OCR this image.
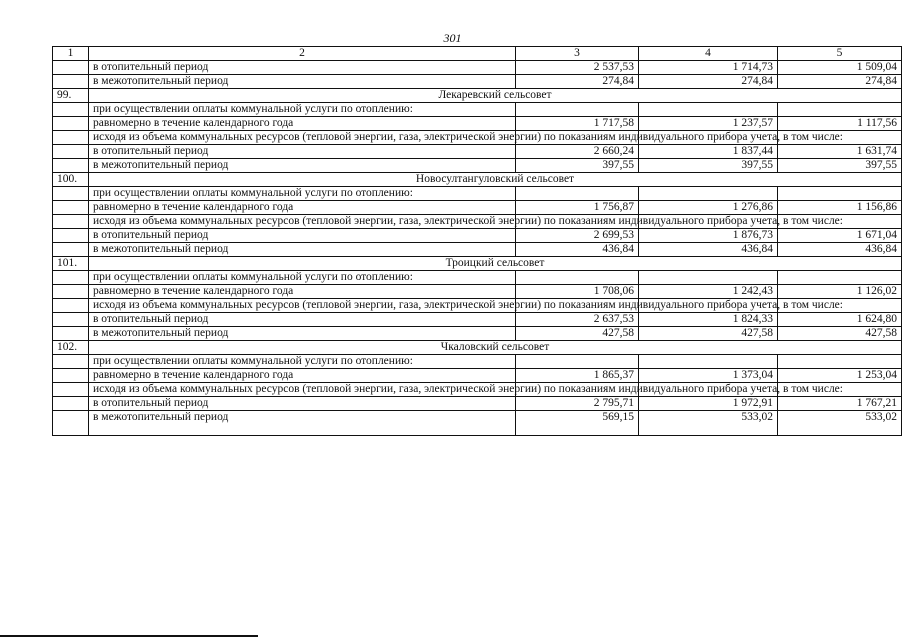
301
1	2	3	4	5
	в отопительный период	2 537,53	1 714,73	1 509,04
	в межотопительный период	274,84	274,84	274,84
99.	Лекаревский сельсовет			
	при осуществлении оплаты коммунальной услуги по отоплению:			
	равномерно в течение календарного года	1 717,58	1 237,57	1 117,56
	исходя из объема коммунальных ресурсов (тепловой энергии, газа, электрической энергии) по показаниям индивидуального прибора учета, в том числе:			
	в отопительный период	2 660,24	1 837,44	1 631,74
	в межотопительный период	397,55	397,55	397,55
100.	Новосултангуловский сельсовет			
	при осуществлении оплаты коммунальной услуги по отоплению:			
	равномерно в течение календарного года	1 756,87	1 276,86	1 156,86
	исходя из объема коммунальных ресурсов (тепловой энергии, газа, электрической энергии) по показаниям индивидуального прибора учета, в том числе:			
	в отопительный период	2 699,53	1 876,73	1 671,04
	в межотопительный период	436,84	436,84	436,84
101.	Троицкий сельсовет			
	при осуществлении оплаты коммунальной услуги по отоплению:			
	равномерно в течение календарного года	1 708,06	1 242,43	1 126,02
	исходя из объема коммунальных ресурсов (тепловой энергии, газа, электрической энергии) по показаниям индивидуального прибора учета, в том числе:			
	в отопительный период	2 637,53	1 824,33	1 624,80
	в межотопительный период	427,58	427,58	427,58
102.	Чкаловский сельсовет			
	при осуществлении оплаты коммунальной услуги по отоплению:			
	равномерно в течение календарного года	1 865,37	1 373,04	1 253,04
	исходя из объема коммунальных ресурсов (тепловой энергии, газа, электрической энергии) по показаниям индивидуального прибора учета, в том числе:			
	в отопительный период	2 795,71	1 972,91	1 767,21
	в межотопительный период	569,15	533,02	533,02
